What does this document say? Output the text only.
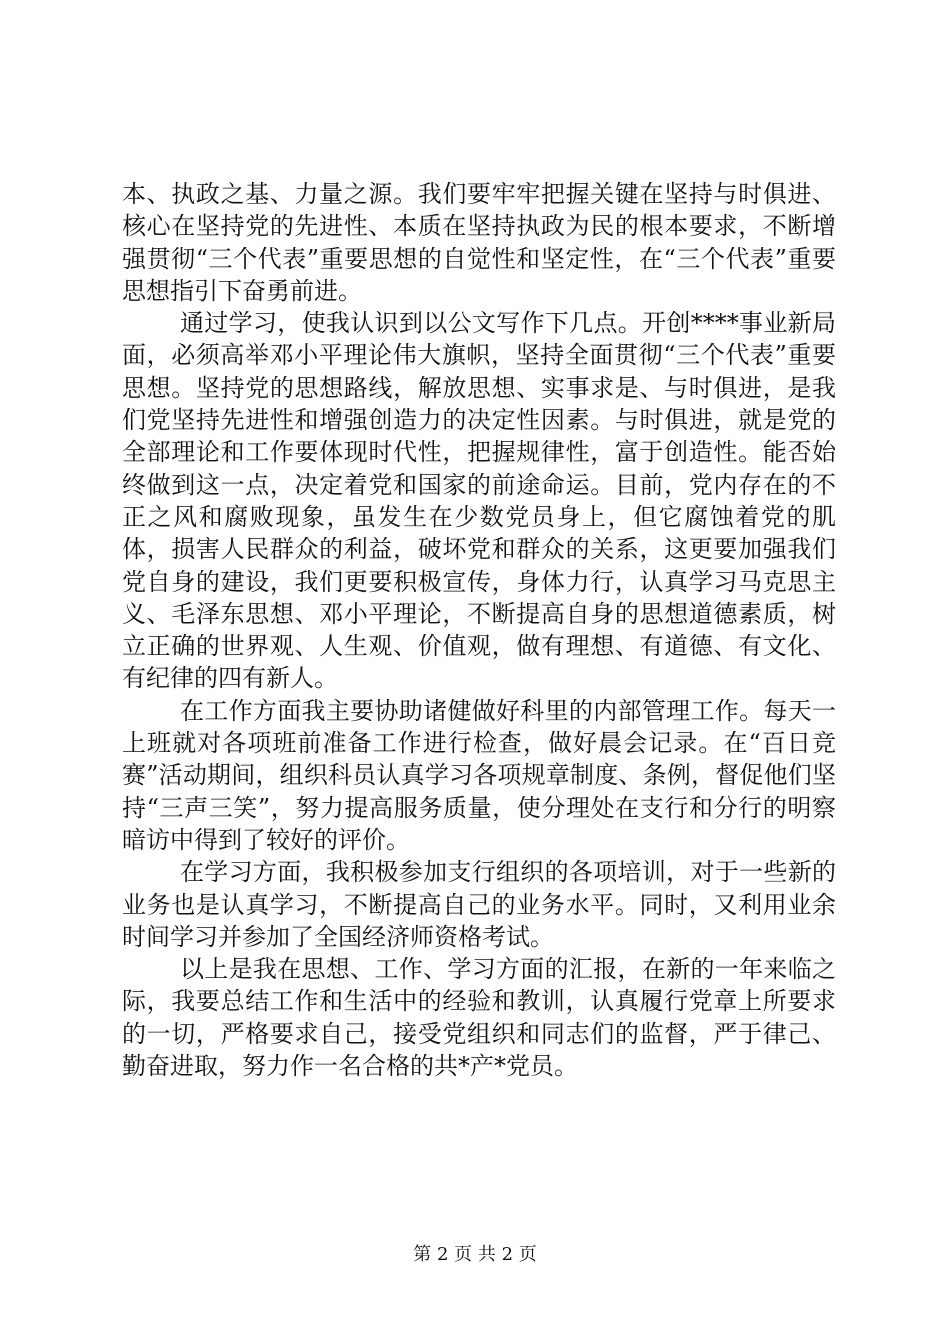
本、执政之基、力量之源。我们要牢牢把握关键在坚持与时俱进、核心在坚持党的先进性、本质在坚持执政为民的根本要求，不断增强贯彻“三个代表”重要思想的自觉性和坚定性，在“三个代表”重要思想指引下奋勇前进。

通过学习，使我认识到以公文写作下几点。开创****事业新局面，必须高举邓小平理论伟大旗帜，坚持全面贯彻“三个代表”重要思想。坚持党的思想路线，解放思想、实事求是、与时俱进，是我们党坚持先进性和增强创造力的决定性因素。与时俱进，就是党的全部理论和工作要体现时代性，把握规律性，富于创造性。能否始终做到这一点，决定着党和国家的前途命运。目前，党内存在的不正之风和腐败现象，虽发生在少数党员身上，但它腐蚀着党的肌体，损害人民群众的利益，破坏党和群众的关系，这更要加强我们党自身的建设，我们更要积极宣传，身体力行，认真学习马克思主义、毛泽东思想、邓小平理论，不断提高自身的思想道德素质，树立正确的世界观、人生观、价值观，做有理想、有道德、有文化、有纪律的四有新人。

在工作方面我主要协助诸健做好科里的内部管理工作。每天一上班就对各项班前准备工作进行检查，做好晨会记录。在“百日竞赛”活动期间，组织科员认真学习各项规章制度、条例，督促他们坚持“三声三笑”，努力提高服务质量，使分理处在支行和分行的明察暗访中得到了较好的评价。

在学习方面，我积极参加支行组织的各项培训，对于一些新的业务也是认真学习，不断提高自己的业务水平。同时，又利用业余时间学习并参加了全国经济师资格考试。

以上是我在思想、工作、学习方面的汇报，在新的一年来临之际，我要总结工作和生活中的经验和教训，认真履行党章上所要求的一切，严格要求自己，接受党组织和同志们的监督，严于律己、勤奋进取，努力作一名合格的共*产*党员。

第 2 页 共 2 页
